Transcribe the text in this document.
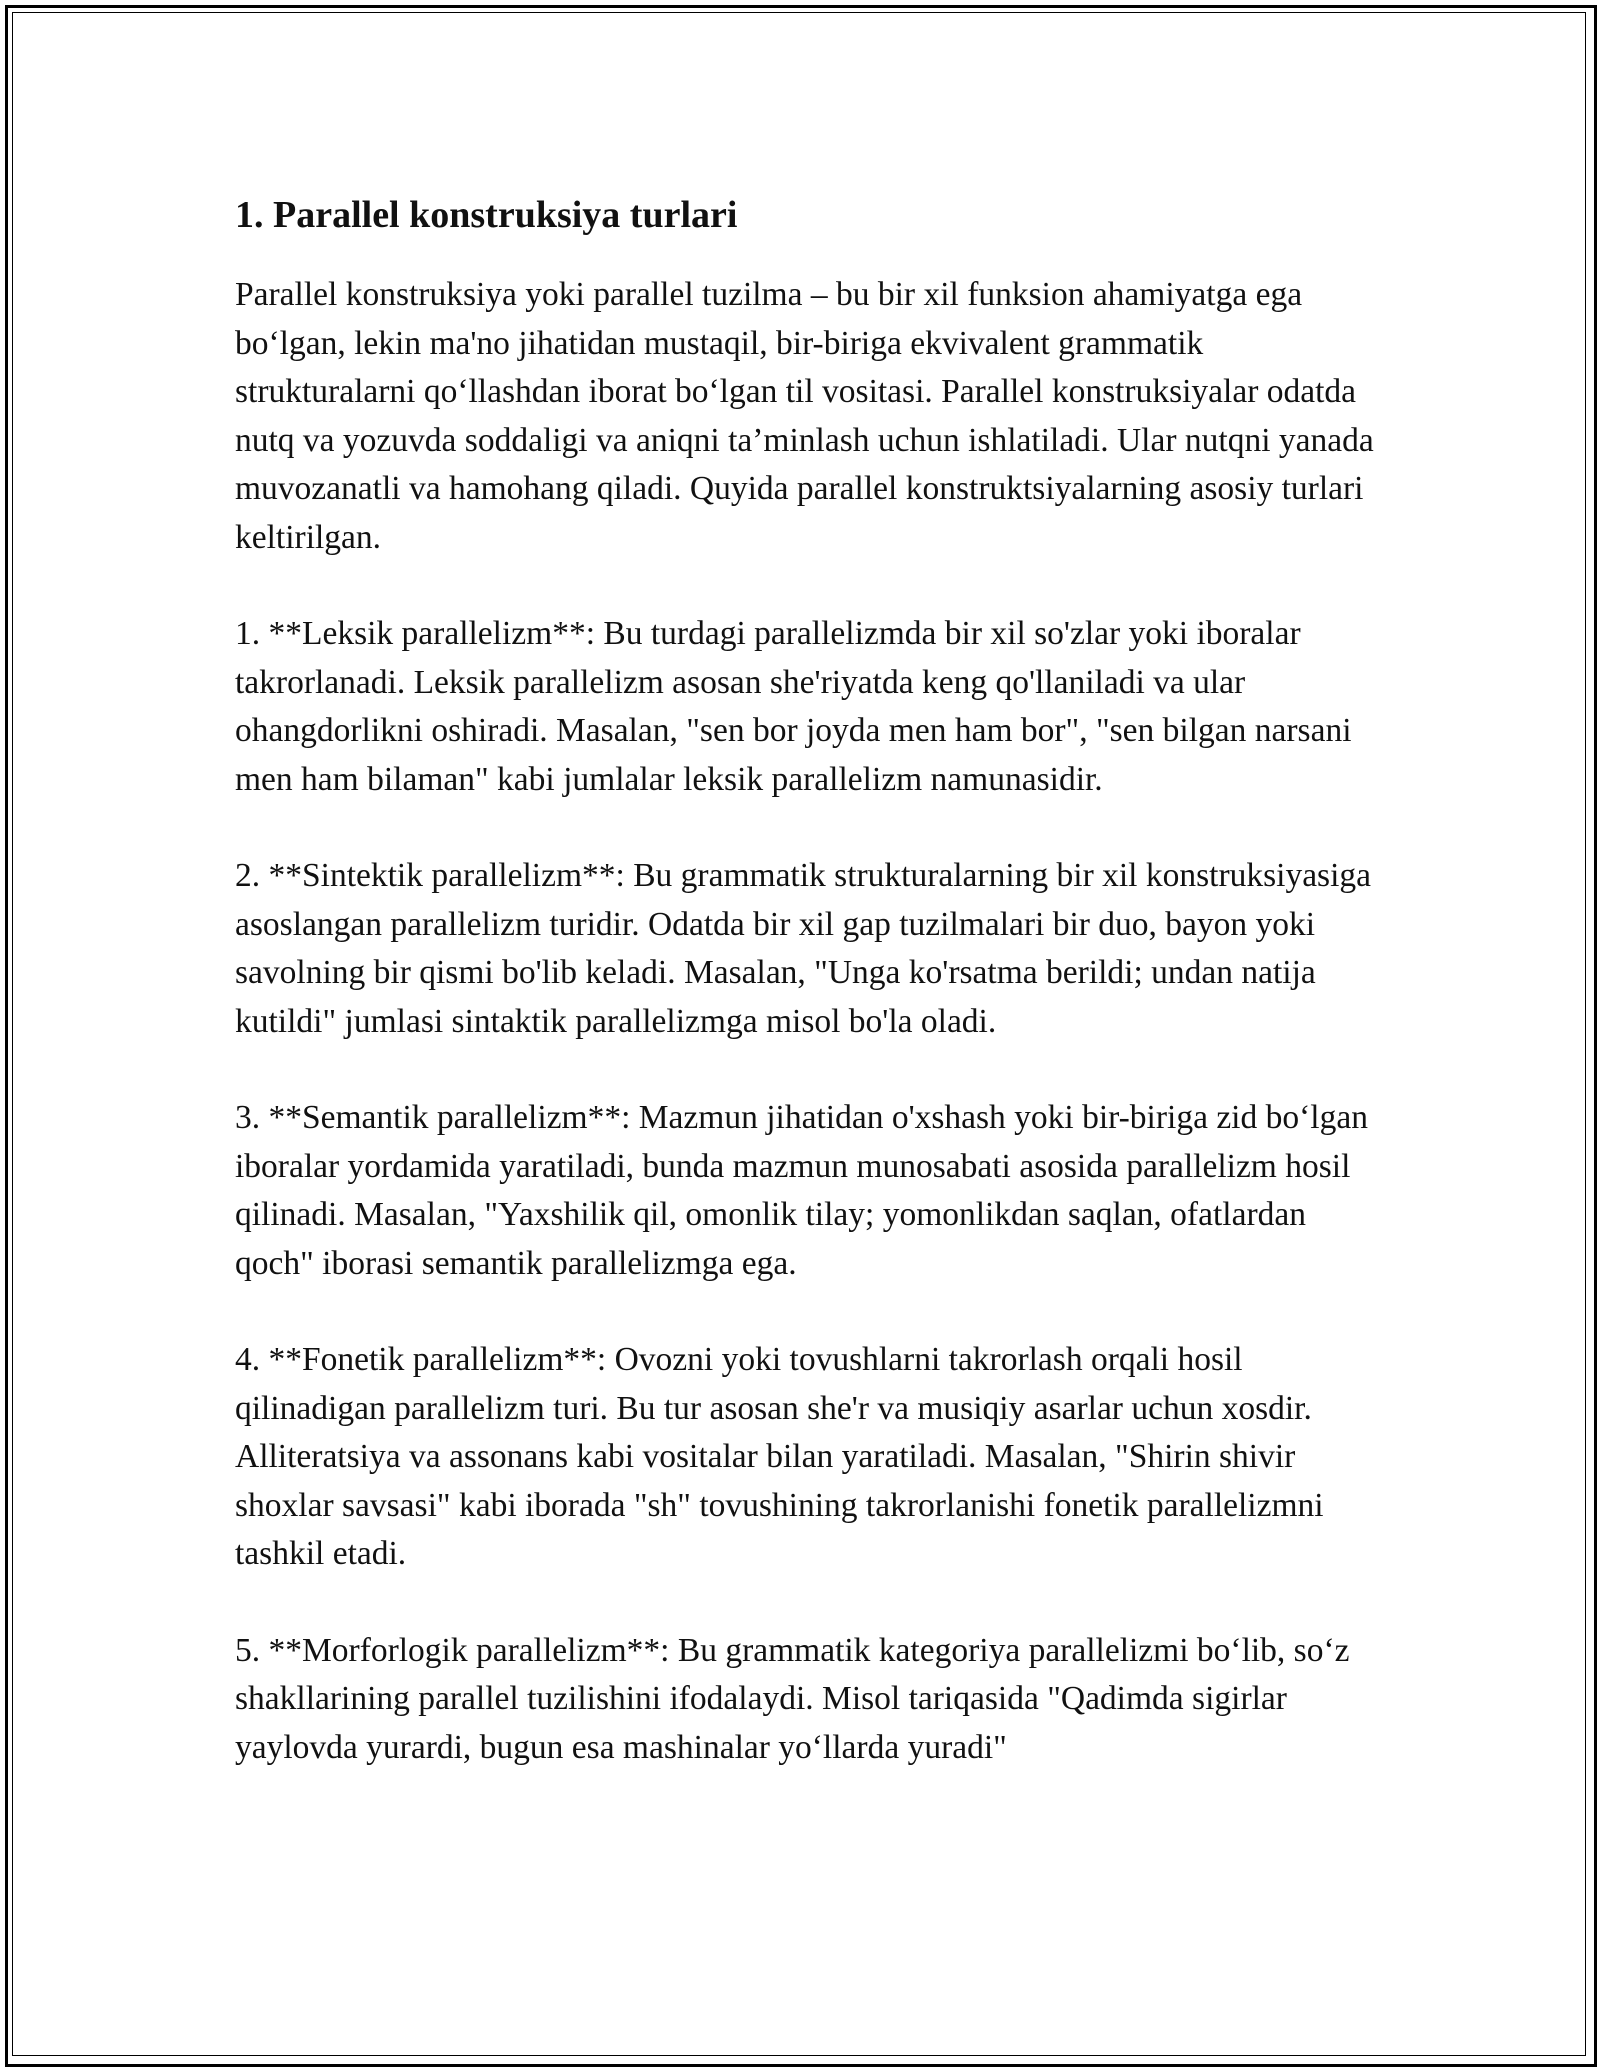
1. Parallel konstruksiya turlari

Parallel konstruksiya yoki parallel tuzilma – bu bir xil funksion ahamiyatga ega bo‘lgan, lekin ma'no jihatidan mustaqil, bir-biriga ekvivalent grammatik strukturalarni qo‘llashdan iborat bo‘lgan til vositasi. Parallel konstruksiyalar odatda nutq va yozuvda soddaligi va aniqni ta’minlash uchun ishlatiladi. Ular nutqni yanada muvozanatli va hamohang qiladi. Quyida parallel konstruktsiyalarning asosiy turlari keltirilgan.

1. **Leksik parallelizm**: Bu turdagi parallelizmda bir xil so'zlar yoki iboralar takrorlanadi. Leksik parallelizm asosan she'riyatda keng qo'llaniladi va ular ohangdorlikni oshiradi. Masalan, "sen bor joyda men ham bor", "sen bilgan narsani men ham bilaman" kabi jumlalar leksik parallelizm namunasidir.

2. **Sintektik parallelizm**: Bu grammatik strukturalarning bir xil konstruksiyasiga asoslangan parallelizm turidir. Odatda bir xil gap tuzilmalari bir duo, bayon yoki savolning bir qismi bo'lib keladi. Masalan, "Unga ko'rsatma berildi; undan natija kutildi" jumlasi sintaktik parallelizmga misol bo'la oladi.

3. **Semantik parallelizm**: Mazmun jihatidan o'xshash yoki bir-biriga zid bo‘lgan iboralar yordamida yaratiladi, bunda mazmun munosabati asosida parallelizm hosil qilinadi. Masalan, "Yaxshilik qil, omonlik tilay; yomonlikdan saqlan, ofatlardan qoch" iborasi semantik parallelizmga ega.

4. **Fonetik parallelizm**: Ovozni yoki tovushlarni takrorlash orqali hosil qilinadigan parallelizm turi. Bu tur asosan she'r va musiqiy asarlar uchun xosdir. Alliteratsiya va assonans kabi vositalar bilan yaratiladi. Masalan, "Shirin shivir shoxlar savsasi" kabi iborada "sh" tovushining takrorlanishi fonetik parallelizmni tashkil etadi.

5. **Morforlogik parallelizm**: Bu grammatik kategoriya parallelizmi bo‘lib, so‘z shakllarining parallel tuzilishini ifodalaydi. Misol tariqasida "Qadimda sigirlar yaylovda yurardi, bugun esa mashinalar yo‘llarda yuradi"
